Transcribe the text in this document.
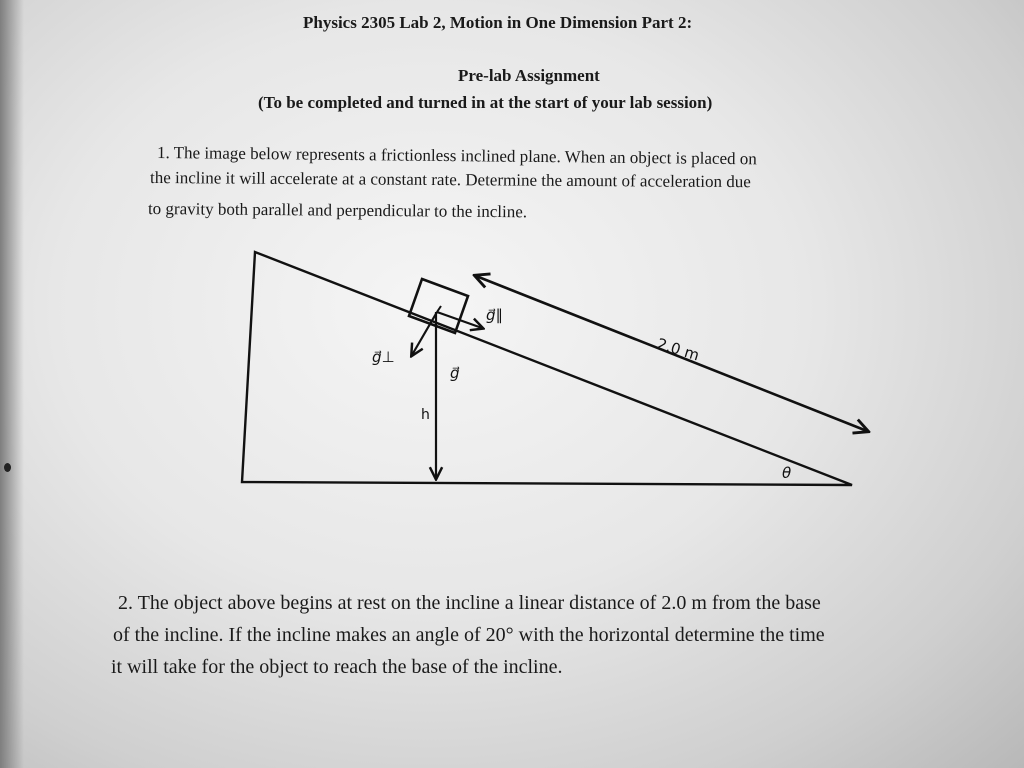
Physics 2305 Lab 2, Motion in One Dimension Part 2:
Pre-lab Assignment
(To be completed and turned in at the start of your lab session)
1. The image below represents a frictionless inclined plane. When an object is placed on
the incline it will accelerate at a constant rate. Determine the amount of acceleration due
to gravity both parallel and perpendicular to the incline.
g⃗∥
g⃗⊥
g⃗
h
2.0 m
θ
2. The object above begins at rest on the incline a linear distance of 2.0 m from the base
of the incline. If the incline makes an angle of 20° with the horizontal determine the time
it will take for the object to reach the base of the incline.
